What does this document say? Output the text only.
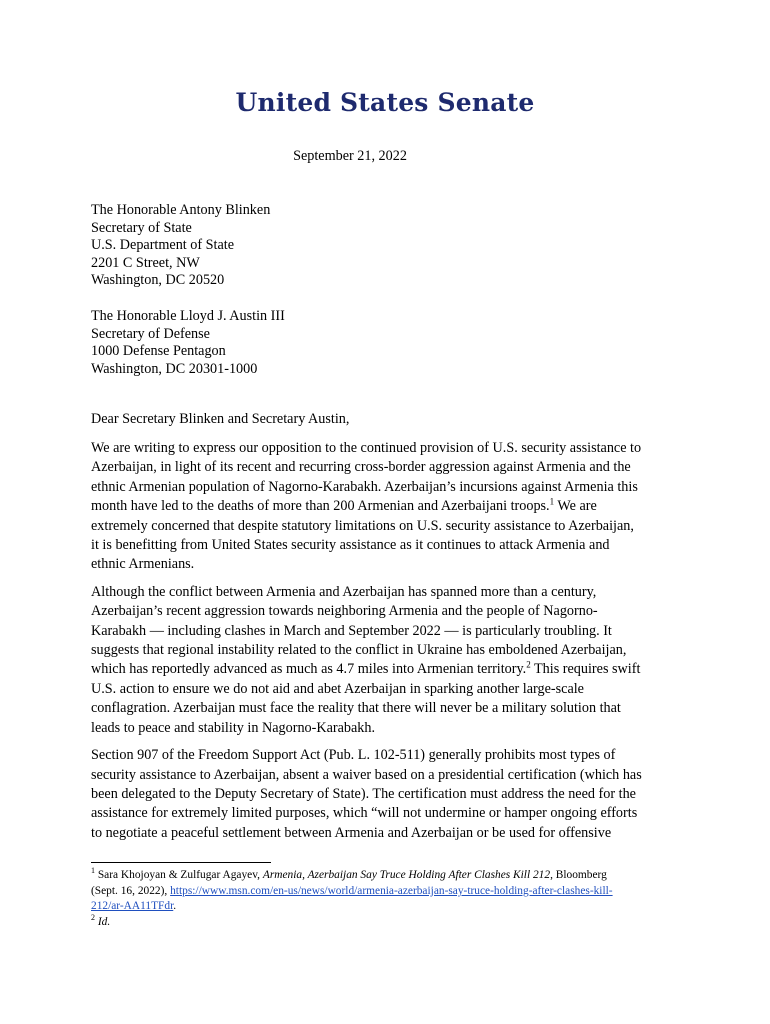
United States Senate
September 21, 2022
The Honorable Antony Blinken
Secretary of State
U.S. Department of State
2201 C Street, NW
Washington, DC 20520
The Honorable Lloyd J. Austin III
Secretary of Defense
1000 Defense Pentagon
Washington, DC 20301-1000
Dear Secretary Blinken and Secretary Austin,
We are writing to express our opposition to the continued provision of U.S. security assistance to
Azerbaijan, in light of its recent and recurring cross-border aggression against Armenia and the
ethnic Armenian population of Nagorno-Karabakh. Azerbaijan’s incursions against Armenia this
month have led to the deaths of more than 200 Armenian and Azerbaijani troops.$^1$ We are
extremely concerned that despite statutory limitations on U.S. security assistance to Azerbaijan,
it is benefitting from United States security assistance as it continues to attack Armenia and
ethnic Armenians.
Although the conflict between Armenia and Azerbaijan has spanned more than a century,
Azerbaijan’s recent aggression towards neighboring Armenia and the people of Nagorno-
Karabakh — including clashes in March and September 2022 — is particularly troubling. It
suggests that regional instability related to the conflict in Ukraine has emboldened Azerbaijan,
which has reportedly advanced as much as 4.7 miles into Armenian territory.$^2$ This requires swift
U.S. action to ensure we do not aid and abet Azerbaijan in sparking another large-scale
conflagration. Azerbaijan must face the reality that there will never be a military solution that
leads to peace and stability in Nagorno-Karabakh.
Section 907 of the Freedom Support Act (Pub. L. 102-511) generally prohibits most types of
security assistance to Azerbaijan, absent a waiver based on a presidential certification (which has
been delegated to the Deputy Secretary of State). The certification must address the need for the
assistance for extremely limited purposes, which “will not undermine or hamper ongoing efforts
to negotiate a peaceful settlement between Armenia and Azerbaijan or be used for offensive
$^1$ Sara Khojoyan & Zulfugar Agayev, Armenia, Azerbaijan Say Truce Holding After Clashes Kill 212, Bloomberg
(Sept. 16, 2022), https://www.msn.com/en-us/news/world/armenia-azerbaijan-say-truce-holding-after-clashes-kill-
212/ar-AA11TFdr.
$^2$ Id.
